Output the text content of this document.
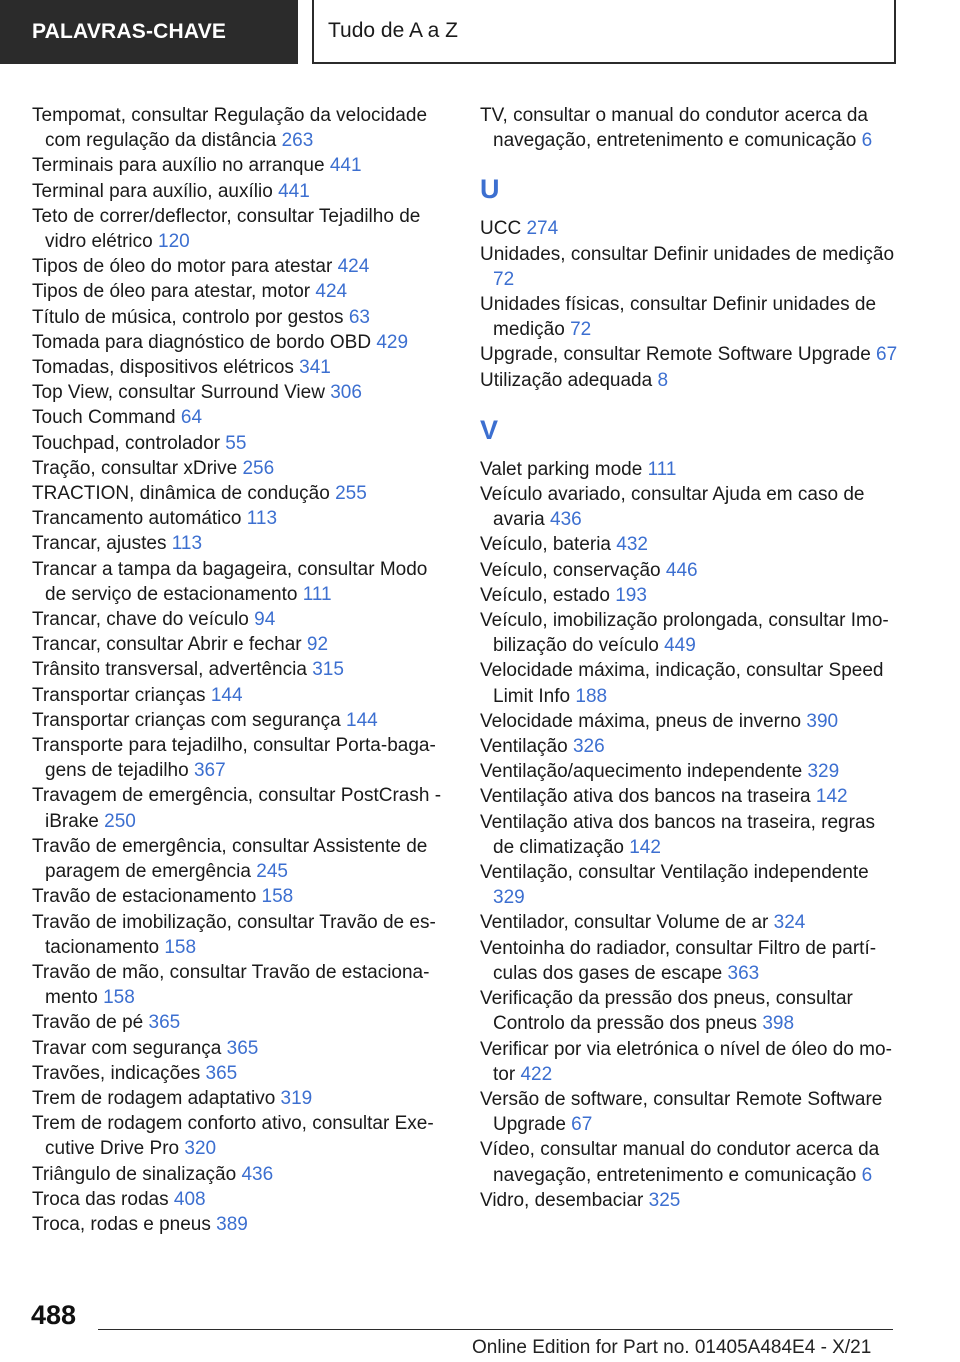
PALAVRAS-CHAVE	Tudo de A a Z
Tempomat, consultar Regulação da velocidade com regulação da distância 263
Terminais para auxílio no arranque 441
Terminal para auxílio, auxílio 441
Teto de correr/deflector, consultar Tejadilho de vidro elétrico 120
Tipos de óleo do motor para atestar 424
Tipos de óleo para atestar, motor 424
Título de música, controlo por gestos 63
Tomada para diagnóstico de bordo OBD 429
Tomadas, dispositivos elétricos 341
Top View, consultar Surround View 306
Touch Command 64
Touchpad, controlador 55
Tração, consultar xDrive 256
TRACTION, dinâmica de condução 255
Trancamento automático 113
Trancar, ajustes 113
Trancar a tampa da bagageira, consultar Modo de serviço de estacionamento 111
Trancar, chave do veículo 94
Trancar, consultar Abrir e fechar 92
Trânsito transversal, advertência 315
Transportar crianças 144
Transportar crianças com segurança 144
Transporte para tejadilho, consultar Porta-bagagens de tejadilho 367
Travagem de emergência, consultar PostCrash - iBrake 250
Travão de emergência, consultar Assistente de paragem de emergência 245
Travão de estacionamento 158
Travão de imobilização, consultar Travão de estacionamento 158
Travão de mão, consultar Travão de estacionamento 158
Travão de pé 365
Travar com segurança 365
Travões, indicações 365
Trem de rodagem adaptativo 319
Trem de rodagem conforto ativo, consultar Executive Drive Pro 320
Triângulo de sinalização 436
Troca das rodas 408
Troca, rodas e pneus 389
TV, consultar o manual do condutor acerca da navegação, entretenimento e comunicação 6
U
UCC 274
Unidades, consultar Definir unidades de medição 72
Unidades físicas, consultar Definir unidades de medição 72
Upgrade, consultar Remote Software Upgrade 67
Utilização adequada 8
V
Valet parking mode 111
Veículo avariado, consultar Ajuda em caso de avaria 436
Veículo, bateria 432
Veículo, conservação 446
Veículo, estado 193
Veículo, imobilização prolongada, consultar Imobilização do veículo 449
Velocidade máxima, indicação, consultar Speed Limit Info 188
Velocidade máxima, pneus de inverno 390
Ventilação 326
Ventilação/aquecimento independente 329
Ventilação ativa dos bancos na traseira 142
Ventilação ativa dos bancos na traseira, regras de climatização 142
Ventilação, consultar Ventilação independente 329
Ventilador, consultar Volume de ar 324
Ventoinha do radiador, consultar Filtro de partículas dos gases de escape 363
Verificação da pressão dos pneus, consultar Controlo da pressão dos pneus 398
Verificar por via eletrónica o nível de óleo do motor 422
Versão de software, consultar Remote Software Upgrade 67
Vídeo, consultar manual do condutor acerca da navegação, entretenimento e comunicação 6
Vidro, desembaciar 325
488
Online Edition for Part no. 01405A484E4 - X/21
